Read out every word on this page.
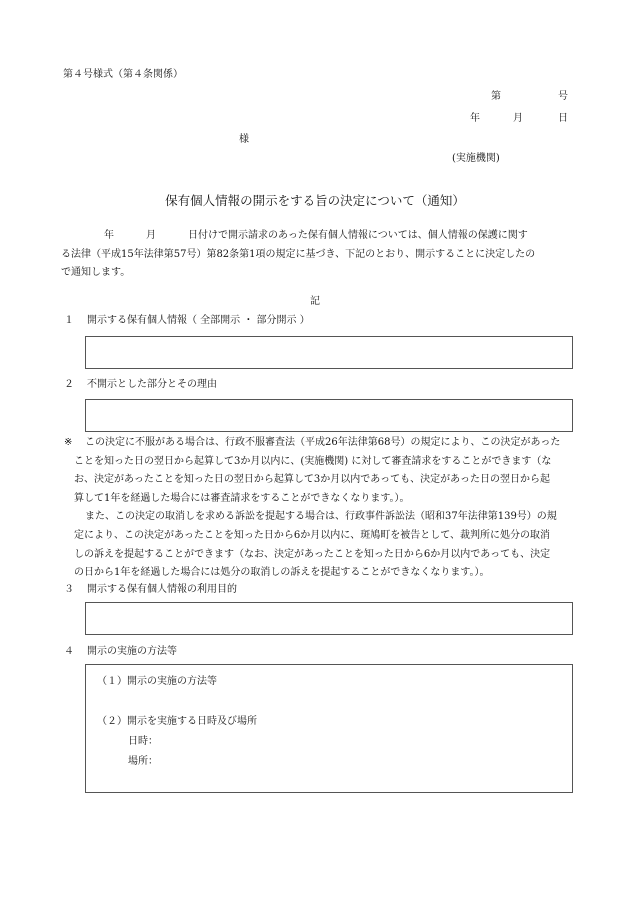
第４号様式（第４条関係）
第	号
年	月	日
様
(実施機関)
保有個人情報の開示をする旨の決定について（通知）
年	月	日付けで開示請求のあった保有個人情報については、個人情報の保護に関す
る法律（平成15年法律第57号）第82条第1項の規定に基づき、下記のとおり、開示することに決定したの
で通知します。
記
１ 開示する保有個人情報（ 全部開示 ・ 部分開示 ）
２ 不開示とした部分とその理由
※ この決定に不服がある場合は、行政不服審査法（平成26年法律第68号）の規定により、この決定があった
ことを知った日の翌日から起算して3か月以内に、(実施機関) に対して審査請求をすることができます（な
お、決定があったことを知った日の翌日から起算して3か月以内であっても、決定があった日の翌日から起
算して1年を経過した場合には審査請求をすることができなくなります。）。
また、この決定の取消しを求める訴訟を提起する場合は、行政事件訴訟法（昭和37年法律第139号）の規
定により、この決定があったことを知った日から6か月以内に、斑鳩町を被告として、裁判所に処分の取消
しの訴えを提起することができます（なお、決定があったことを知った日から6か月以内であっても、決定
の日から1年を経過した場合には処分の取消しの訴えを提起することができなくなります。）。
３ 開示する保有個人情報の利用目的
４ 開示の実施の方法等
（１）開示の実施の方法等
（２）開示を実施する日時及び場所
日時：
場所：
